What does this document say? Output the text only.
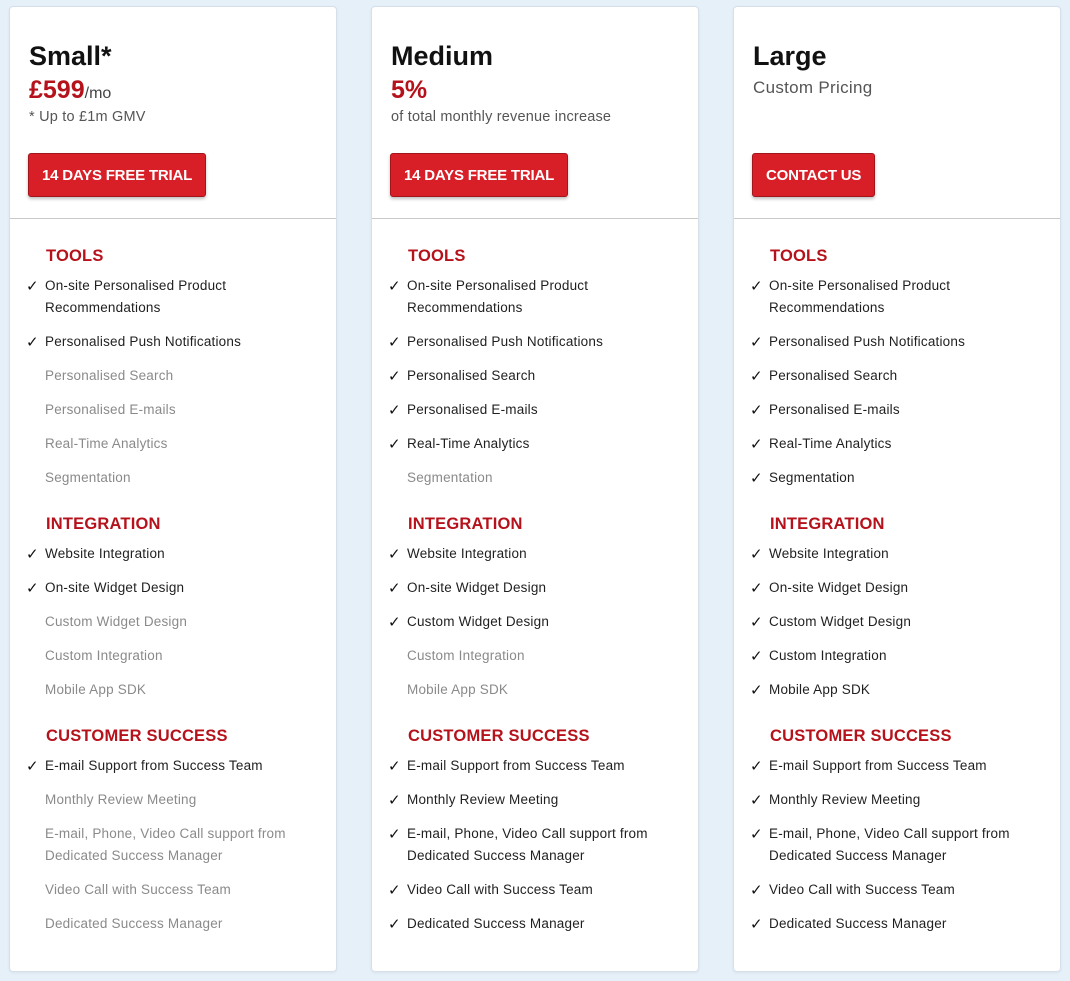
Small*
£599/mo
* Up to £1m GMV
14 DAYS FREE TRIAL
TOOLS
✓ On-site Personalised Product Recommendations
✓ Personalised Push Notifications
Personalised Search
Personalised E-mails
Real-Time Analytics
Segmentation
INTEGRATION
✓ Website Integration
✓ On-site Widget Design
Custom Widget Design
Custom Integration
Mobile App SDK
CUSTOMER SUCCESS
✓ E-mail Support from Success Team
Monthly Review Meeting
E-mail, Phone, Video Call support from Dedicated Success Manager
Video Call with Success Team
Dedicated Success Manager
Medium
5%
of total monthly revenue increase
14 DAYS FREE TRIAL
TOOLS
✓ On-site Personalised Product Recommendations
✓ Personalised Push Notifications
✓ Personalised Search
✓ Personalised E-mails
✓ Real-Time Analytics
Segmentation
INTEGRATION
✓ Website Integration
✓ On-site Widget Design
✓ Custom Widget Design
Custom Integration
Mobile App SDK
CUSTOMER SUCCESS
✓ E-mail Support from Success Team
✓ Monthly Review Meeting
✓ E-mail, Phone, Video Call support from Dedicated Success Manager
✓ Video Call with Success Team
✓ Dedicated Success Manager
Large
Custom Pricing
CONTACT US
TOOLS
✓ On-site Personalised Product Recommendations
✓ Personalised Push Notifications
✓ Personalised Search
✓ Personalised E-mails
✓ Real-Time Analytics
✓ Segmentation
INTEGRATION
✓ Website Integration
✓ On-site Widget Design
✓ Custom Widget Design
✓ Custom Integration
✓ Mobile App SDK
CUSTOMER SUCCESS
✓ E-mail Support from Success Team
✓ Monthly Review Meeting
✓ E-mail, Phone, Video Call support from Dedicated Success Manager
✓ Video Call with Success Team
✓ Dedicated Success Manager
